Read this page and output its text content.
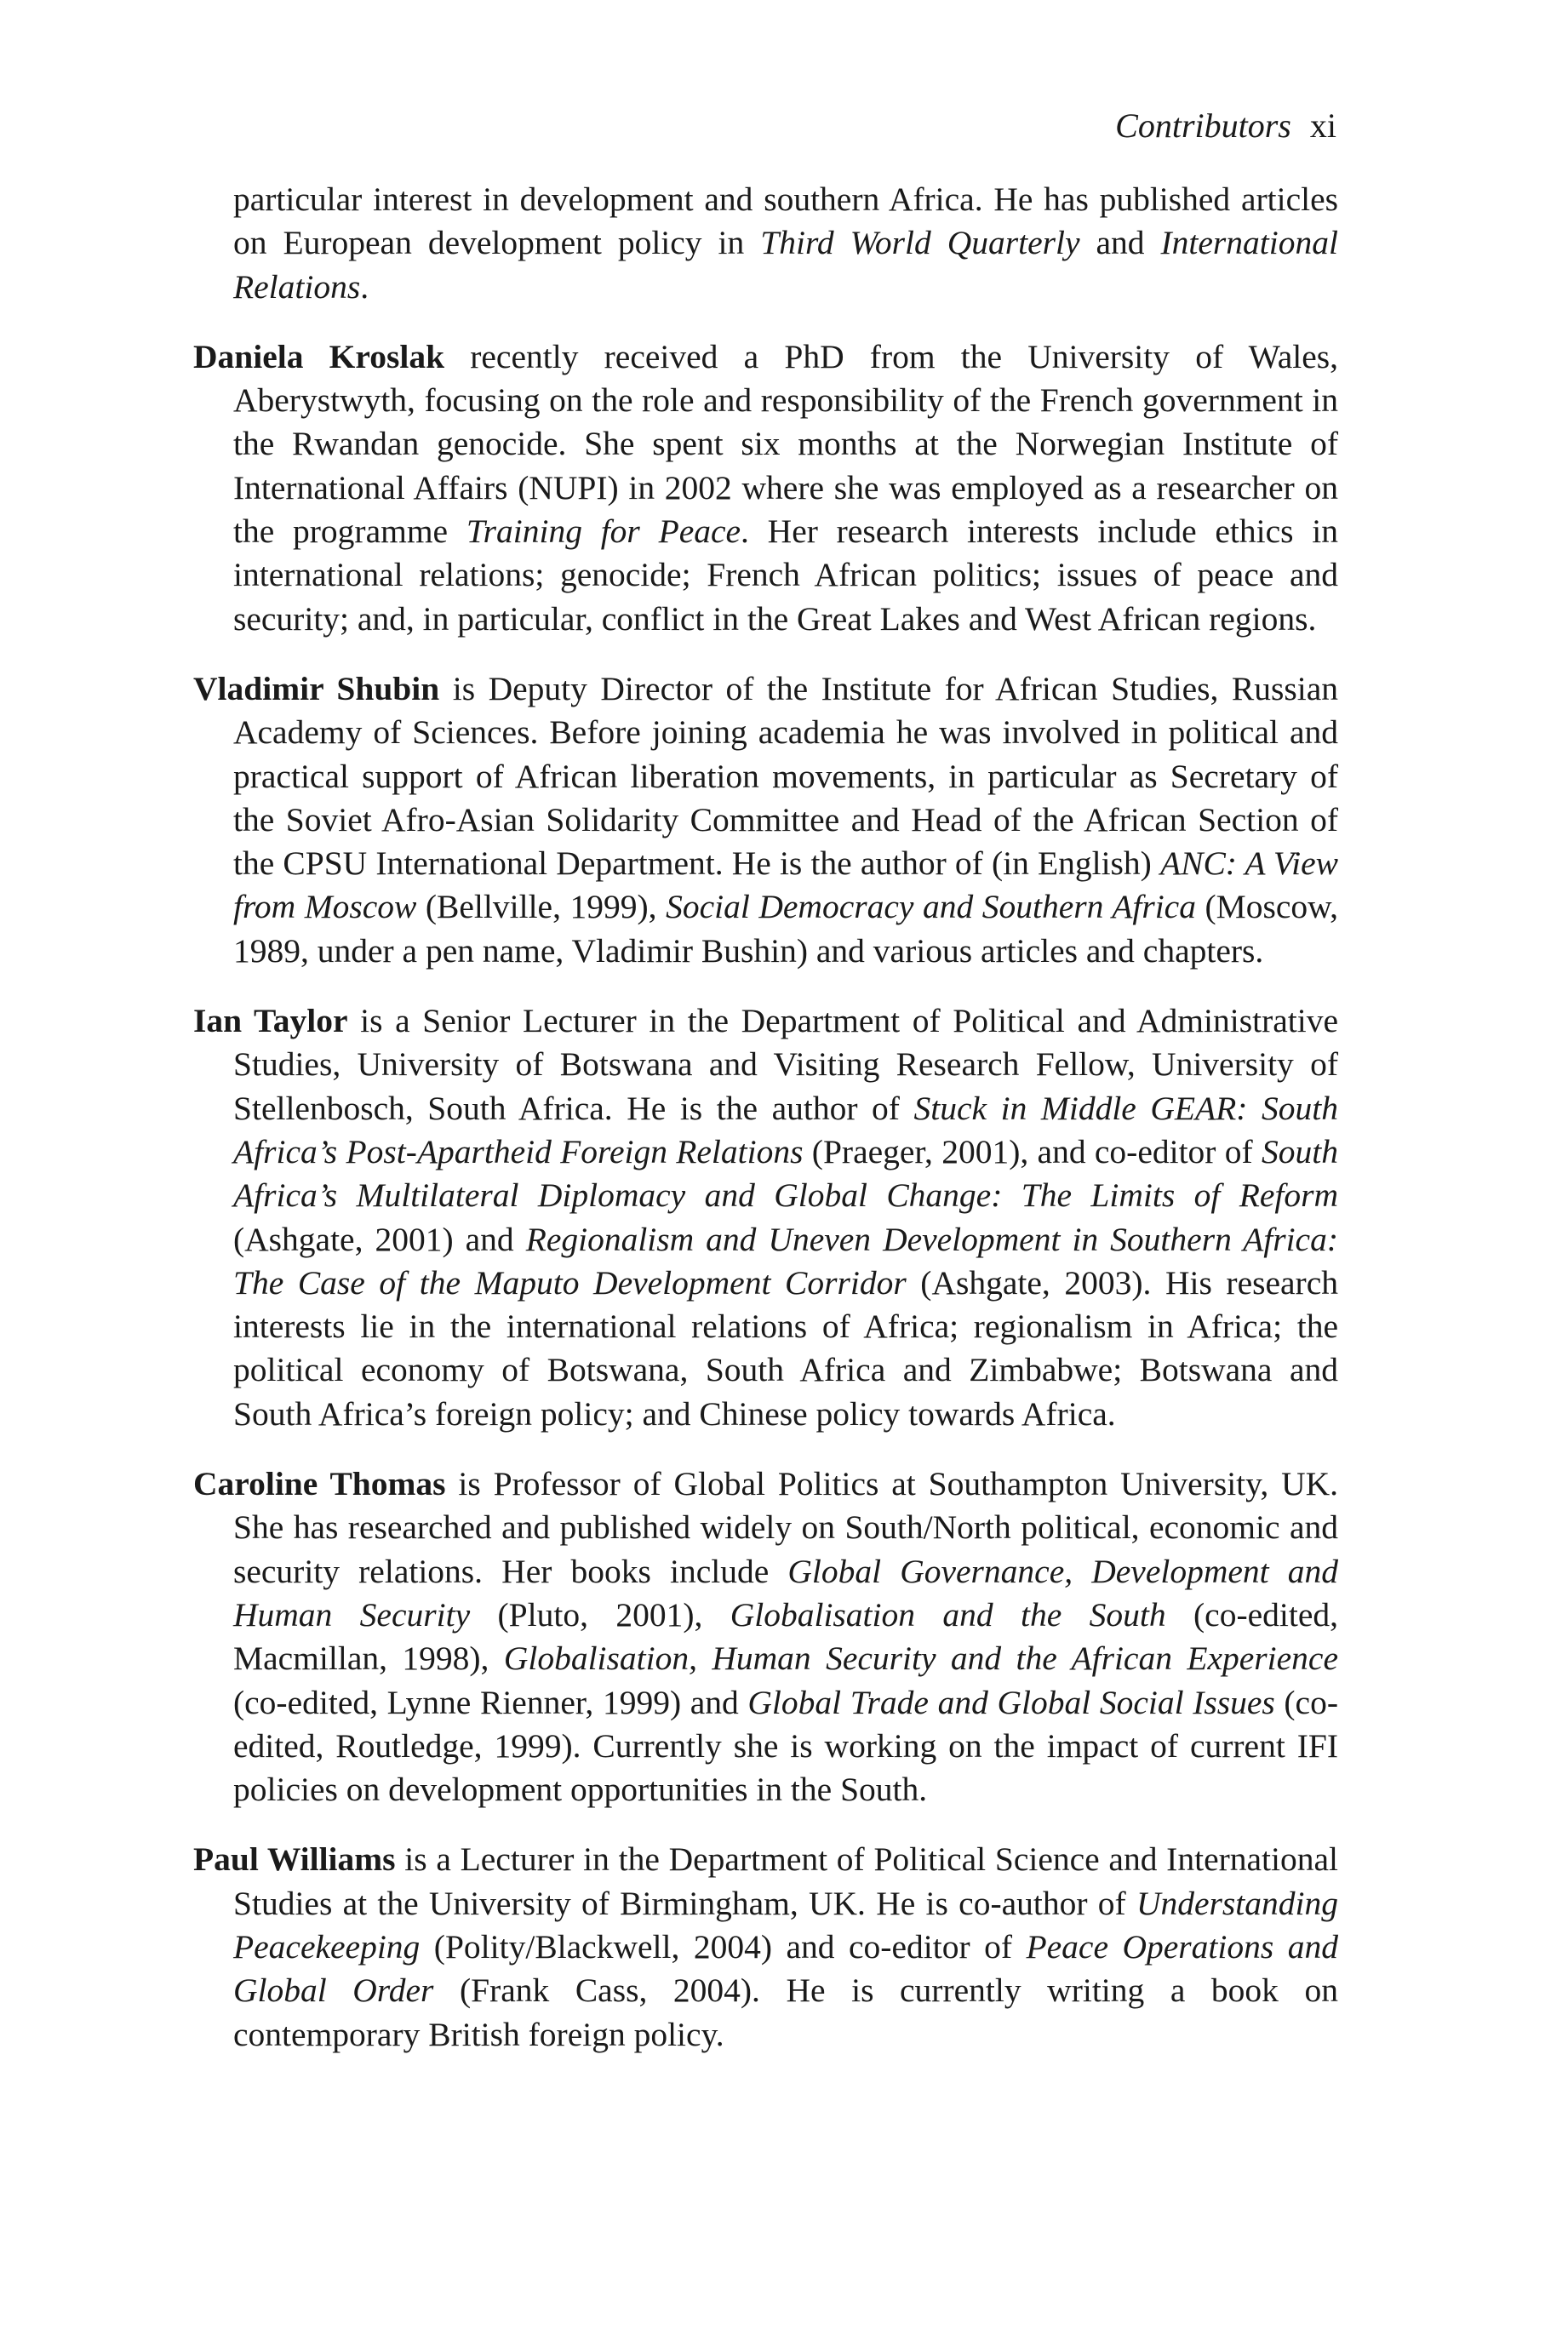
Contributors xi

particular interest in development and southern Africa. He has published articles on European development policy in Third World Quarterly and International Relations.

Daniela Kroslak recently received a PhD from the University of Wales, Aberystwyth, focusing on the role and responsibility of the French government in the Rwandan genocide. She spent six months at the Norwegian Institute of International Affairs (NUPI) in 2002 where she was employed as a researcher on the programme Training for Peace. Her research interests include ethics in international relations; genocide; French African politics; issues of peace and security; and, in particular, conflict in the Great Lakes and West African regions.

Vladimir Shubin is Deputy Director of the Institute for African Studies, Russian Academy of Sciences. Before joining academia he was involved in political and practical support of African liberation movements, in particular as Secretary of the Soviet Afro-Asian Solidarity Committee and Head of the African Section of the CPSU International Department. He is the author of (in English) ANC: A View from Moscow (Bellville, 1999), Social Democracy and Southern Africa (Moscow, 1989, under a pen name, Vladimir Bushin) and various articles and chapters.

Ian Taylor is a Senior Lecturer in the Department of Political and Administrative Studies, University of Botswana and Visiting Research Fellow, University of Stellenbosch, South Africa. He is the author of Stuck in Middle GEAR: South Africa’s Post-Apartheid Foreign Relations (Praeger, 2001), and co-editor of South Africa’s Multilateral Diplomacy and Global Change: The Limits of Reform (Ashgate, 2001) and Regionalism and Uneven Development in Southern Africa: The Case of the Maputo Development Corridor (Ashgate, 2003). His research interests lie in the international relations of Africa; regionalism in Africa; the political economy of Botswana, South Africa and Zimbabwe; Botswana and South Africa’s foreign policy; and Chinese policy towards Africa.

Caroline Thomas is Professor of Global Politics at Southampton University, UK. She has researched and published widely on South/North political, economic and security relations. Her books include Global Governance, Development and Human Security (Pluto, 2001), Globalisation and the South (co-edited, Macmillan, 1998), Globalisation, Human Security and the African Experience (co-edited, Lynne Rienner, 1999) and Global Trade and Global Social Issues (co-edited, Routledge, 1999). Currently she is working on the impact of current IFI policies on development opportunities in the South.

Paul Williams is a Lecturer in the Department of Political Science and International Studies at the University of Birmingham, UK. He is co-author of Understanding Peacekeeping (Polity/Blackwell, 2004) and co-editor of Peace Operations and Global Order (Frank Cass, 2004). He is currently writing a book on contemporary British foreign policy.
